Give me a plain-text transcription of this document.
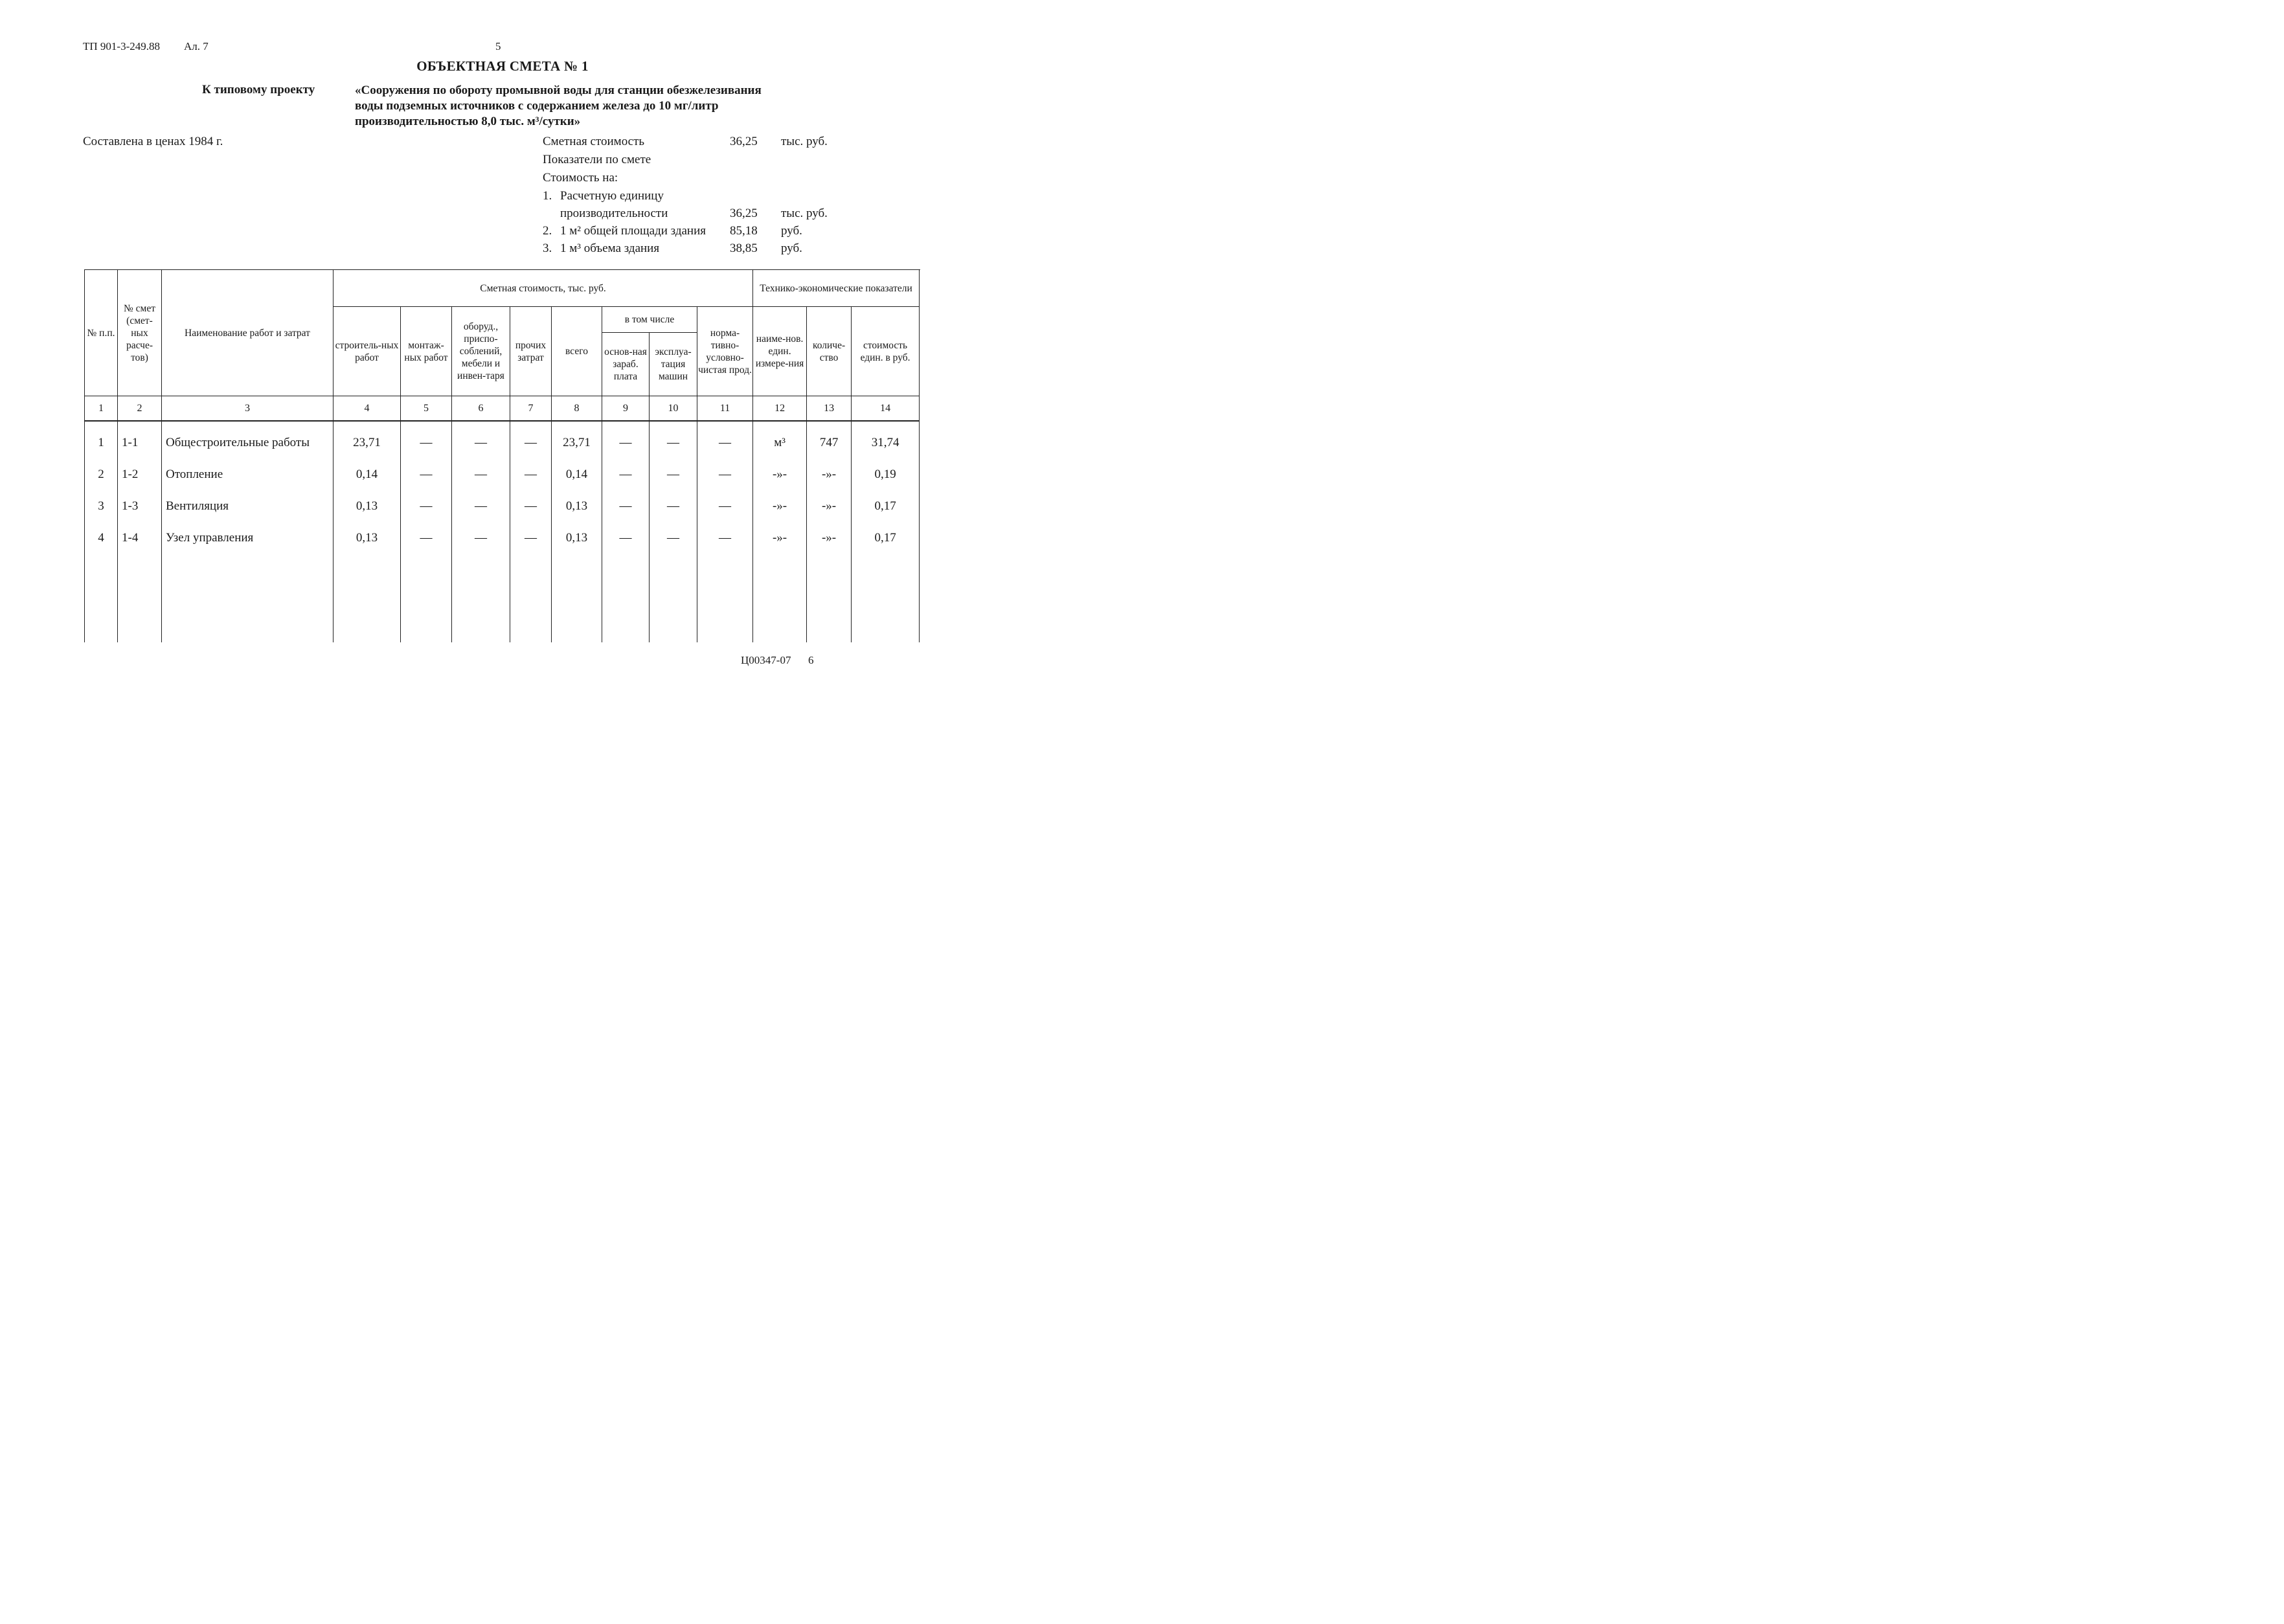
ТП 901-3-249.88 Ал. 7	5
ОБЪЕКТНАЯ СМЕТА № 1
К типовому проекту	«Сооружения по обороту промывной воды для станции обезжелезивания
воды подземных источников с содержанием железа до 10 мг/литр
производительностью 8,0 тыс. м³/сутки»
Составлена в ценах 1984 г.	Сметная стоимость	36,25 тыс. руб.
Показатели по смете
Стоимость на:
1. Расчетную единицу
производительности	36,25 тыс. руб.
2. 1 м² общей площади здания 85,18 руб.
3. 1 м³ объема здания	38,85 руб.
№ п.п.	№ смет (смет-ных расче-тов)	Наименование работ и затрат	Сметная стоимость, тыс. руб.								Технико-экономические показатели		
			строитель-ных работ	монтаж-ных работ	оборуд., приспо-соблений, мебели и инвен-таря	прочих затрат	всего	в том числе		норма-тивно-условно-чистая прод.	наиме-нов. един. измере-ния	количе-ство	стоимость един. в руб.
								основ-ная зараб. плата	эксплуа-тация машин				
1	2	3	4	5	6	7	8	9	10	11	12	13	14
1	1-1	Общестроительные работы	23,71	—	—	—	23,71	—	—	—	м³	747	31,74
2	1-2	Отопление	0,14	—	—	—	0,14	—	—	—	-»-	-»-	0,19
3	1-3	Вентиляция	0,13	—	—	—	0,13	—	—	—	-»-	-»-	0,17
4	1-4	Узел управления	0,13	—	—	—	0,13	—	—	—	-»-	-»-	0,17

Ц00347-07 6
